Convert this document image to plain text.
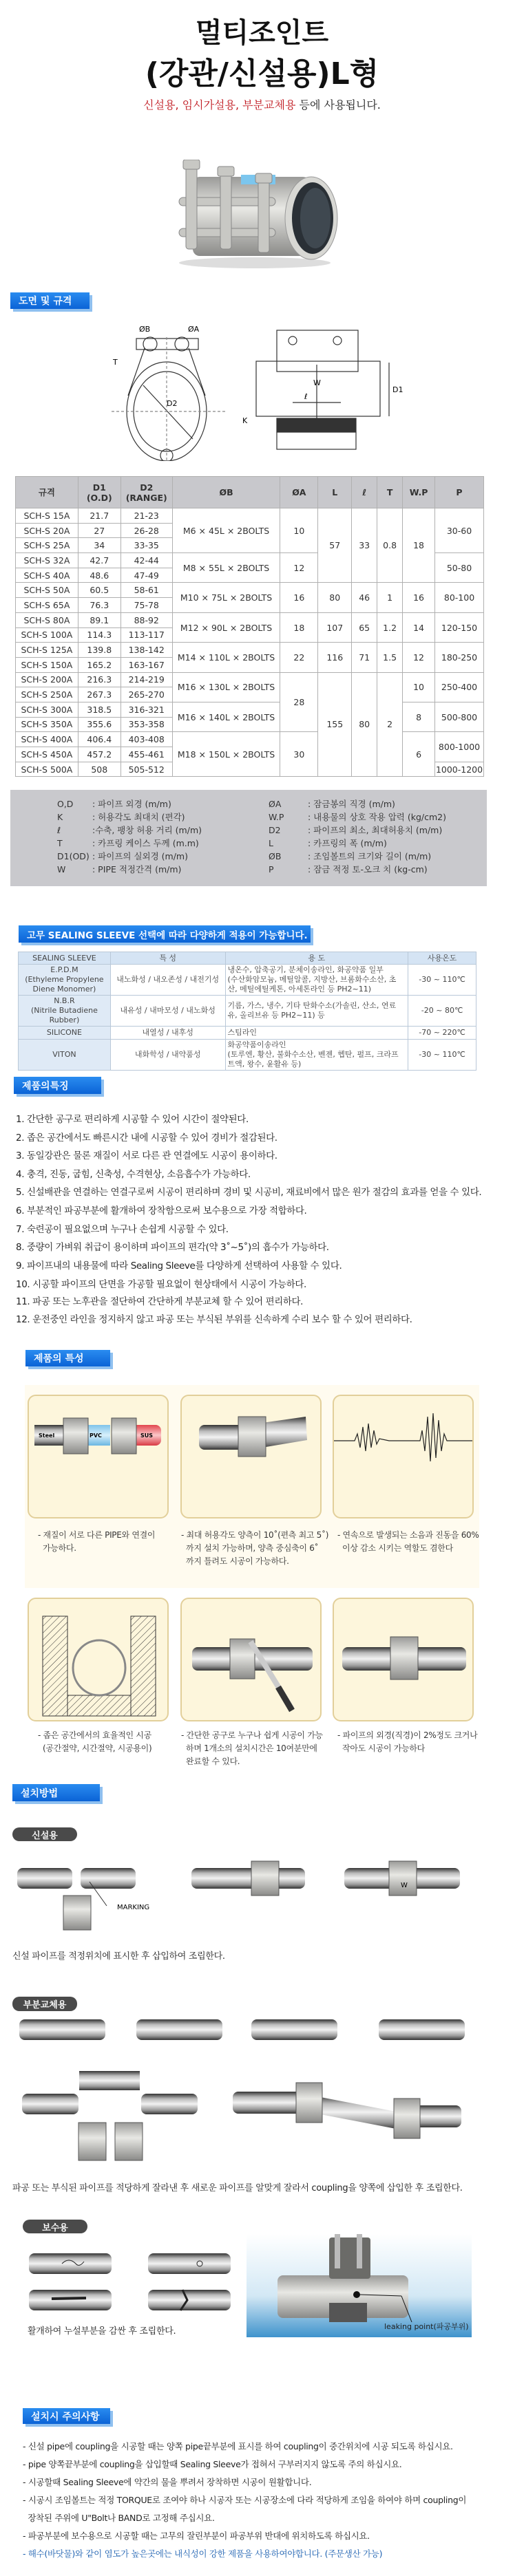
멀티조인트
(강관/신설용)L형
신설용, 임시가설용, 부분교체용 등에 사용됩니다.
도면 및 규격
ØB	ØA
T
D2
W
D1
ℓ
K
규격	D1
(O.D)	D2
(RANGE)	ØB	ØA	L	ℓ	T	W.P	P
SCH-S 15A	21.7	21-23	M6 × 45L × 2BOLTS	10	57	33	0.8	18	30-60
SCH-S 20A	27	26-28							
SCH-S 25A	34	33-35							
SCH-S 32A	42.7	42-44	M8 × 55L × 2BOLTS	12					50-80
SCH-S 40A	48.6	47-49							
SCH-S 50A	60.5	58-61	M10 × 75L × 2BOLTS	16	80	46	1	16	80-100
SCH-S 65A	76.3	75-78							
SCH-S 80A	89.1	88-92	M12 × 90L × 2BOLTS	18	107	65	1.2	14	120-150
SCH-S 100A	114.3	113-117							
SCH-S 125A	139.8	138-142	M14 × 110L × 2BOLTS	22	116	71	1.5	12	180-250
SCH-S 150A	165.2	163-167							
SCH-S 200A	216.3	214-219	M16 × 130L × 2BOLTS	28	155	80	2	10	250-400
SCH-S 250A	267.3	265-270							
SCH-S 300A	318.5	316-321	M16 × 140L × 2BOLTS					8	500-800
SCH-S 350A	355.6	353-358							
SCH-S 400A	406.4	403-408	M18 × 150L × 2BOLTS	30				6	800-1000
SCH-S 450A	457.2	455-461							
SCH-S 500A	508	505-512							1000-1200
O,D : 파이프 외경 (m/m)
K	: 허용각도 최대치 (편각)
ℓ	:수축, 팽창 허용 거리 (m/m)
T	: 카프링 케이스 두께 (m.m)
D1(OD) : 파이프의 실외경 (m/m)
W	: PIPE 적정간격 (m/m)
ØA	: 잠금봉의 직경 (m/m)
W.P	: 내용물의 상호 작용 압력 (kg/cm2)
D2	: 파이프의 최소, 최대허용치 (m/m)
L	: 카프링의 폭 (m/m)
ØB	: 조임볼트의 크기와 길이 (m/m)
P	: 잠금 적정 토-오크 치 (kg-cm)
고무 SEALING SLEEVE 선택에 따라 다양하게 적용이 가능합니다.
SEALING SLEEVE	특 성	용 도	사용온도
E.P.D.M
(Ethyleme Propylene
Diene Monomer)	내노화성 / 내오존성 / 내전기성	냉온수, 압축공기, 분체이송라인, 화공약품 일부
(수산화암모늄, 메틸알콜, 지방산, 브롬화수소산, 초
산, 메틸에틸케톤, 아세톤라인 등 PH2~11)	-30 ~ 110℃
N.B.R
(Nitrile Butadiene Rubber)	내유성 / 내마모성 / 내노화성	기름, 가스, 냉수, 기타 탄화수소(가솔린, 산소, 연료
유, 올리브유 등 PH2~11) 등	-20 ~ 80℃
SILICONE	내열성 / 내후성	스팀라인	-70 ~ 220℃
VITON	내화학성 / 내약품성	화공약품이송라인
(토루엔, 황산, 불화수소산, 벤젠, 헵탄, 펄프, 크라프
트액, 왕수, 윤활유 등)	-30 ~ 110℃
제품의특징
1. 간단한 공구로 편리하게 시공할 수 있어 시간이 절약된다.
2. 좁은 공간에서도 빠른시간 내에 시공할 수 있어 경비가 절감된다.
3. 동일강관은 물론 재질이 서로 다른 관 연결에도 시공이 용이하다.
4. 충격, 진동, 굽힘, 신축성, 수격현상, 소음흡수가 가능하다.
5. 신설배관을 연결하는 연결구로써 시공이 편리하며 경비 및 시공비, 재료비에서 많은 원가 절감의 효과를 얻을 수 있다.
6. 부분적인 파공부분에 활개하여 장착함으로써 보수용으로 가장 적합하다.
7. 숙련공이 필요없으며 누구나 손쉽게 시공할 수 있다.
8. 중량이 가벼워 취급이 용이하며 파이프의 편각(약 3˚~5˚)의 흡수가 가능하다.
9. 파이프내의 내용물에 따라 Sealing Sleeve를 다양하게 선택하여 사용할 수 있다.
10. 시공할 파이프의 단면을 가공할 필요없이 현상태에서 시공이 가능하다.
11. 파공 또는 노후관을 절단하여 간단하게 부분교체 할 수 있어 편리하다.
12. 운전중인 라인을 정지하지 않고 파공 또는 부식된 부위를 신속하게 수리 보수 할 수 있어 편리하다.
제품의 특성
Steel	PVC	SUS
- 재질이 서로 다른 PIPE와 연결이
가능하다.
- 최대 허용각도 양측이 10˚(편측 최고
까지 설치 가능하며, 양측 중심축이 6˚
까지 틀려도 시공이 가능하다.
- 연속으로 발생되는 소음과 진동을 60%
이상 감소 시키는 역할도 겸한다
- 좁은 공간에서의 효율적인 시공
(공간절약, 시간절약, 시공용이)
- 간단한 공구로 누구나 쉽게 시공이 가능
하며 1개소의 설치시간은 10여분만에
완료할 수 있다.
- 파이프의 외경(직경)이 2%정도 크거나
작아도 시공이 가능하다
설치방법
신설용
MARKING
W
신설 파이프를 적정위치에 표시한 후 삽입하여 조립한다.
부분교체용
파공 또는 부식된 파이프를 적당하게 잘라낸 후 새로운 파이프를 알맞게 잘라서 coupling을 양쪽에 삽입한 후 조립한다.
보수용
활개하여 누설부분을 감싼 후 조립한다.	leaking point(파공부위)
설치시 주의사항
- 신설 pipe에 coupling을 시공할 때는 양쪽 pipe끝부분에 표시를 하여 coupling이 중간위치에 시공 되도록 하십시요.
- pipe 양쪽끝부분에 coupling을 삽입할때 Sealing Sleeve가 접혀서 구부러지지 않도록 주의 하십시요.
- 시공할때 Sealing Sleeve에 약간의 물을 뿌려서 장착하면 시공이 원활합니다.
- 시공시 조임볼트는 적정 TORQUE로 조여야 하나 시공자 또는 시공장소에 다라 적당하게 조임을 하여야 하며 coupling이
장착된 주위에 U"Bolt나 BAND로 고정해 주십시요.
- 파공부분에 보수용으로 시공할 때는 고무의 잘린부분이 파공부위 반대에 위치하도록 하십시요.
- 해수(바닷물)와 같이 염도가 높은곳에는 내식성이 강한 제품을 사용하여야합니다. (주문생산 가능)
